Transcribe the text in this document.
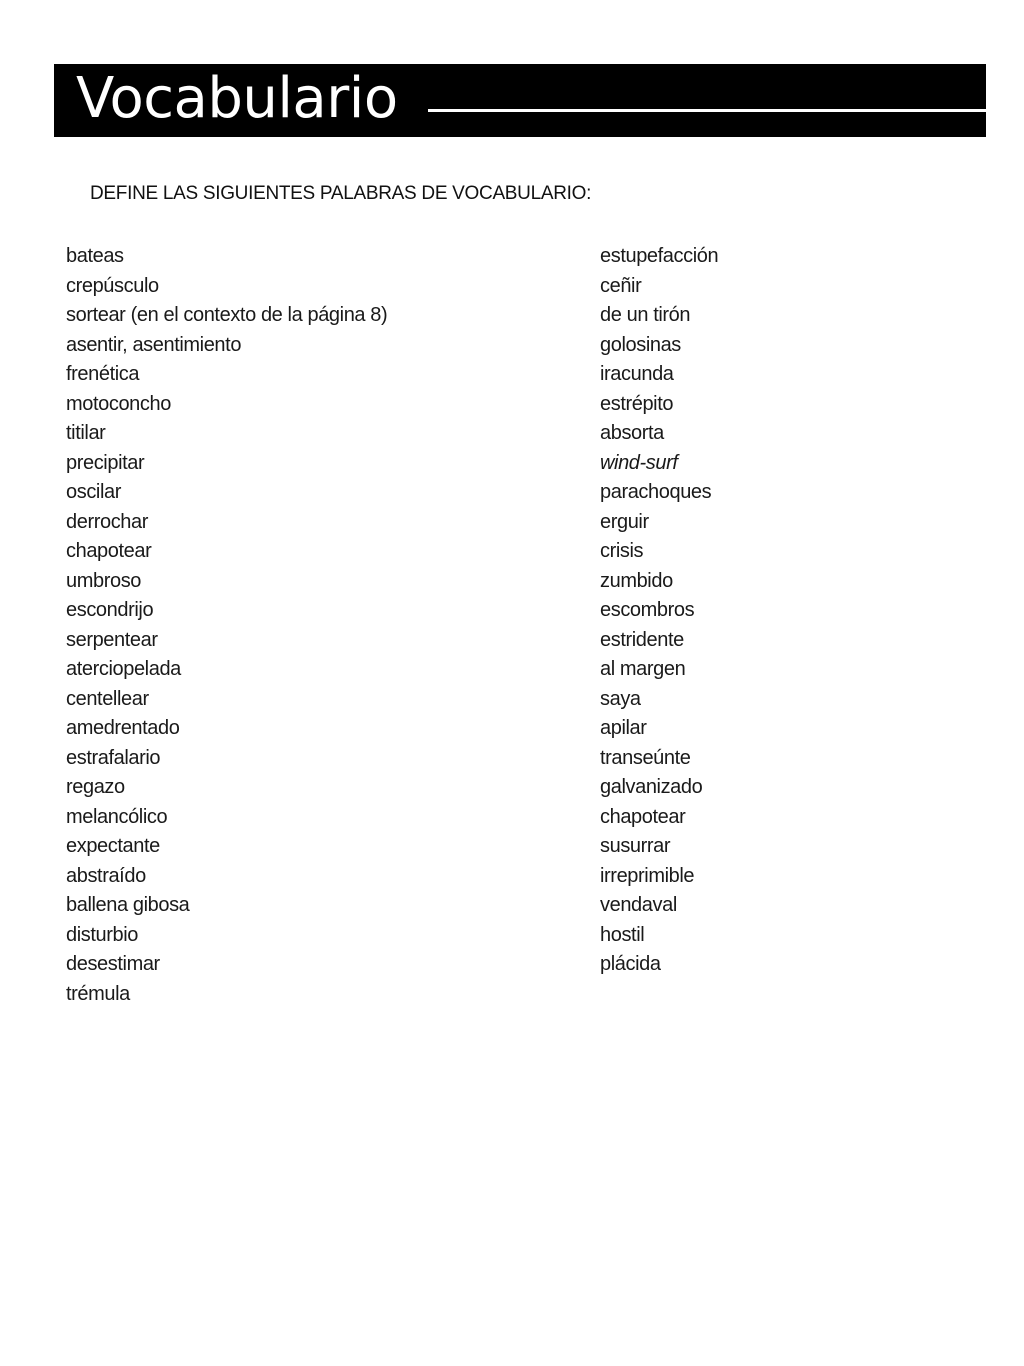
Vocabulario
DEFINE LAS SIGUIENTES PALABRAS DE VOCABULARIO:
bateas
crepúsculo
sortear (en el contexto de la página 8)
asentir, asentimiento
frenética
motoconcho
titilar
precipitar
oscilar
derrochar
chapotear
umbroso
escondrijo
serpentear
aterciopelada
centellear
amedrentado
estrafalario
regazo
melancólico
expectante
abstraído
ballena gibosa
disturbio
desestimar
trémula
estupefacción
ceñir
de un tirón
golosinas
iracunda
estrépito
absorta
wind-surf
parachoques
erguir
crisis
zumbido
escombros
estridente
al margen
saya
apilar
transeúnte
galvanizado
chapotear
susurrar
irreprimible
vendaval
hostil
plácida
